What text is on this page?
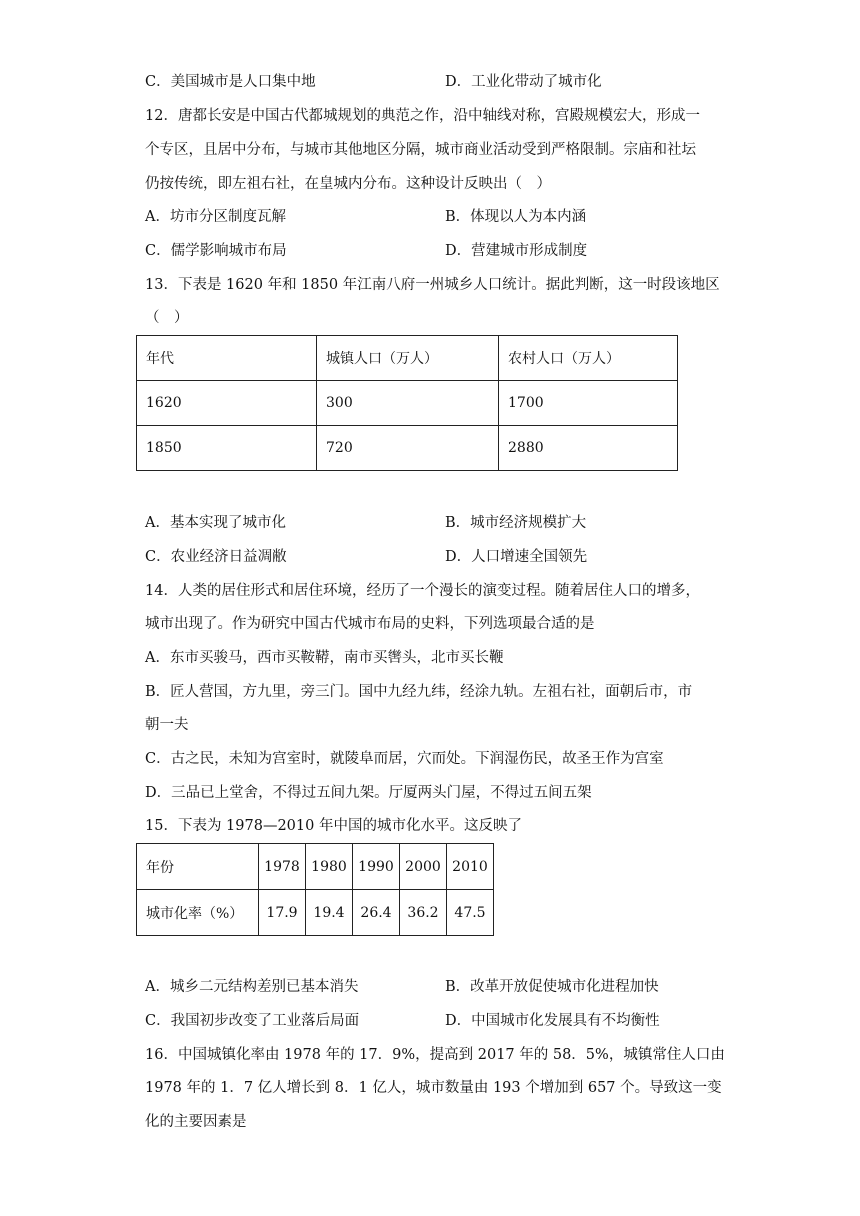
C．美国城市是人口集中地	D．工业化带动了城市化
12．唐都长安是中国古代都城规划的典范之作，沿中轴线对称，宫殿规模宏大，形成一
个专区，且居中分布，与城市其他地区分隔，城市商业活动受到严格限制。宗庙和社坛
仍按传统，即左祖右社，在皇城内分布。这种设计反映出（　）
A．坊市分区制度瓦解	B．体现以人为本内涵
C．儒学影响城市布局	D．营建城市形成制度
13．下表是 1620 年和 1850 年江南八府一州城乡人口统计。据此判断，这一时段该地区
（　）
年代	城镇人口（万人）	农村人口（万人）
1620	300	1700
1850	720	2880
A．基本实现了城市化	B．城市经济规模扩大
C．农业经济日益凋敝	D．人口增速全国领先
14．人类的居住形式和居住环境，经历了一个漫长的演变过程。随着居住人口的增多，
城市出现了。作为研究中国古代城市布局的史料，下列选项最合适的是
A．东市买骏马，西市买鞍鞯，南市买辔头，北市买长鞭
B．匠人营国，方九里，旁三门。国中九经九纬，经涂九轨。左祖右社，面朝后市，市
朝一夫
C．古之民，未知为宫室时，就陵阜而居，穴而处。下润湿伤民，故圣王作为宫室
D．三品已上堂舍，不得过五间九架。厅厦两头门屋，不得过五间五架
15．下表为 1978—2010 年中国的城市化水平。这反映了
年份	1978	1980	1990	2000	2010
城市化率（%）	17.9	19.4	26.4	36.2	47.5
A．城乡二元结构差别已基本消失	B．改革开放促使城市化进程加快
C．我国初步改变了工业落后局面	D．中国城市化发展具有不均衡性
16．中国城镇化率由 1978 年的 17．9%，提高到 2017 年的 58．5%，城镇常住人口由
1978 年的 1．7 亿人增长到 8．1 亿人，城市数量由 193 个增加到 657 个。导致这一变
化的主要因素是
